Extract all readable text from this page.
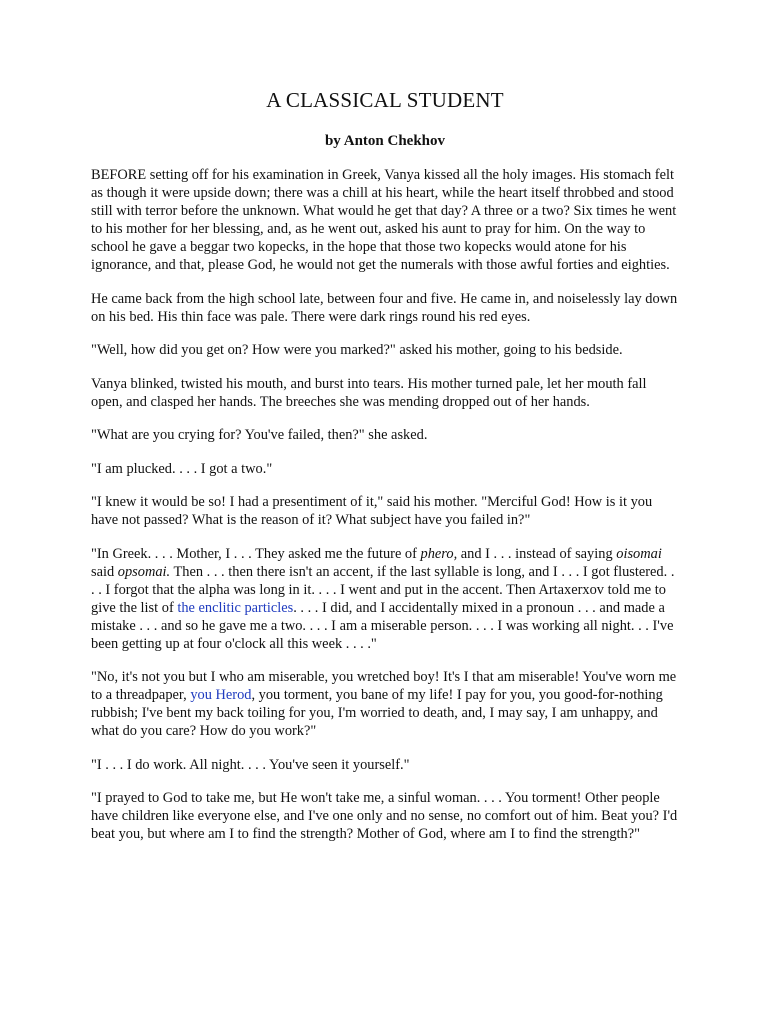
A CLASSICAL STUDENT
by Anton Chekhov

BEFORE setting off for his examination in Greek, Vanya kissed all the holy images. His stomach felt as though it were upside down; there was a chill at his heart, while the heart itself throbbed and stood still with terror before the unknown. What would he get that day? A three or a two? Six times he went to his mother for her blessing, and, as he went out, asked his aunt to pray for him. On the way to school he gave a beggar two kopecks, in the hope that those two kopecks would atone for his ignorance, and that, please God, he would not get the numerals with those awful forties and eighties.

He came back from the high school late, between four and five. He came in, and noiselessly lay down on his bed. His thin face was pale. There were dark rings round his red eyes.

"Well, how did you get on? How were you marked?" asked his mother, going to his bedside.

Vanya blinked, twisted his mouth, and burst into tears. His mother turned pale, let her mouth fall open, and clasped her hands. The breeches she was mending dropped out of her hands.

"What are you crying for? You've failed, then?" she asked.

"I am plucked. . . . I got a two."

"I knew it would be so! I had a presentiment of it," said his mother. "Merciful God! How is it you have not passed? What is the reason of it? What subject have you failed in?"

"In Greek. . . . Mother, I . . . They asked me the future of phero, and I . . . instead of saying oisomai said opsomai. Then . . . then there isn't an accent, if the last syllable is long, and I . . . I got flustered. . . . I forgot that the alpha was long in it. . . . I went and put in the accent. Then Artaxerxov told me to give the list of the enclitic particles. . . . I did, and I accidentally mixed in a pronoun . . . and made a mistake . . . and so he gave me a two. . . . I am a miserable person. . . . I was working all night. . . I've been getting up at four o'clock all this week . . . ."

"No, it's not you but I who am miserable, you wretched boy! It's I that am miserable! You've worn me to a threadpaper, you Herod, you torment, you bane of my life! I pay for you, you good-for-nothing rubbish; I've bent my back toiling for you, I'm worried to death, and, I may say, I am unhappy, and what do you care? How do you work?"

"I . . . I do work. All night. . . . You've seen it yourself."

"I prayed to God to take me, but He won't take me, a sinful woman. . . . You torment! Other people have children like everyone else, and I've one only and no sense, no comfort out of him. Beat you? I'd beat you, but where am I to find the strength? Mother of God, where am I to find the strength?"
